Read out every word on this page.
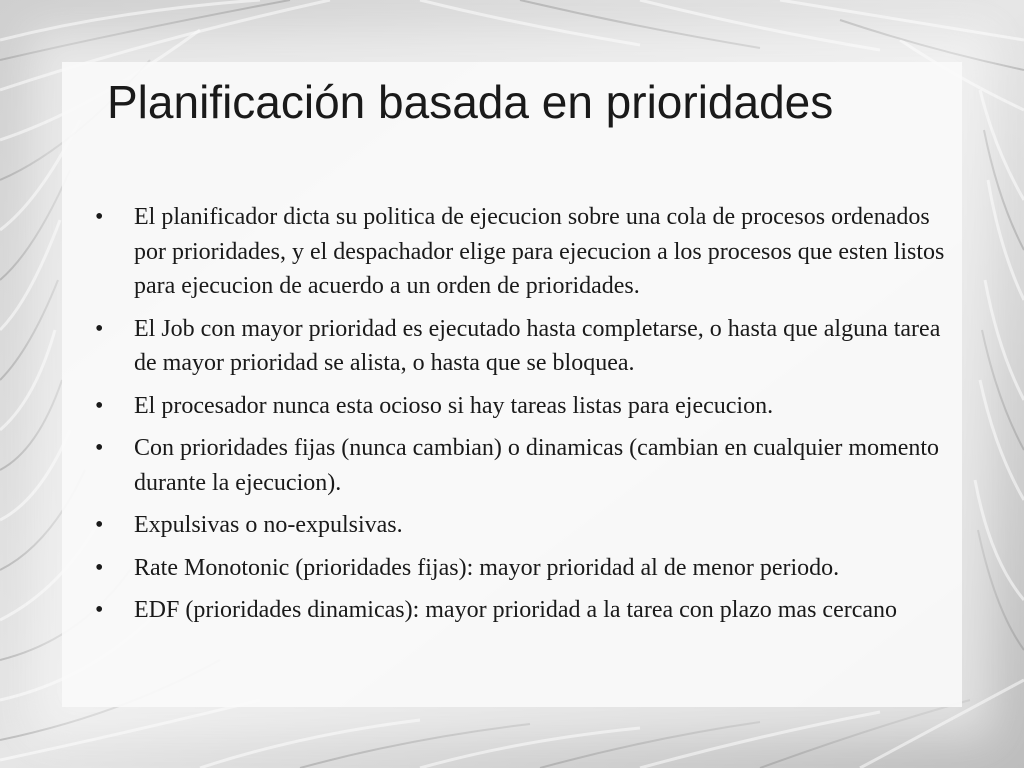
Planificación basada en prioridades
•	El planificador dicta su politica de ejecucion sobre una cola de procesos ordenados por prioridades, y el despachador elige para ejecucion a los procesos que esten listos para ejecucion de acuerdo a un orden de prioridades.
•	El Job con mayor prioridad es ejecutado hasta completarse, o hasta que alguna tarea de mayor prioridad se alista, o hasta que se bloquea.
•	El procesador nunca esta ocioso si hay tareas listas para ejecucion.
•	Con prioridades fijas (nunca cambian) o dinamicas (cambian en cualquier momento durante la ejecucion).
•	Expulsivas o no-expulsivas.
•	Rate Monotonic (prioridades fijas): mayor prioridad al de menor periodo.
•	EDF (prioridades dinamicas): mayor prioridad a la tarea con plazo mas cercano
